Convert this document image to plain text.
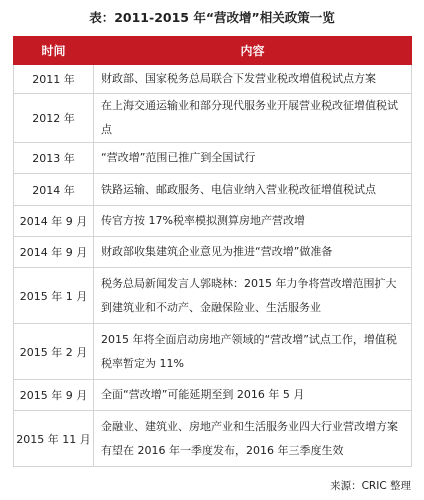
表：2011-2015 年“营改增”相关政策一览
时间	内容
2011 年	财政部、国家税务总局联合下发营业税改增值税试点方案
2012 年	在上海交通运输业和部分现代服务业开展营业税改征增值税试点
2013 年	“营改增”范围已推广到全国试行
2014 年	铁路运输、邮政服务、电信业纳入营业税改征增值税试点
2014 年 9 月	传官方按 17%税率模拟测算房地产营改增
2014 年 9 月	财政部收集建筑企业意见为推进“营改增”做准备
2015 年 1 月	税务总局新闻发言人郭晓林：2015 年力争将营改增范围扩大到建筑业和不动产、金融保险业、生活服务业
2015 年 2 月	2015 年将全面启动房地产领域的“营改增”试点工作，增值税税率暂定为 11%
2015 年 9 月	全面“营改增”可能延期至到 2016 年 5 月
2015 年 11 月	金融业、建筑业、房地产业和生活服务业四大行业营改增方案有望在 2016 年一季度发布，2016 年三季度生效
来源：CRIC 整理
